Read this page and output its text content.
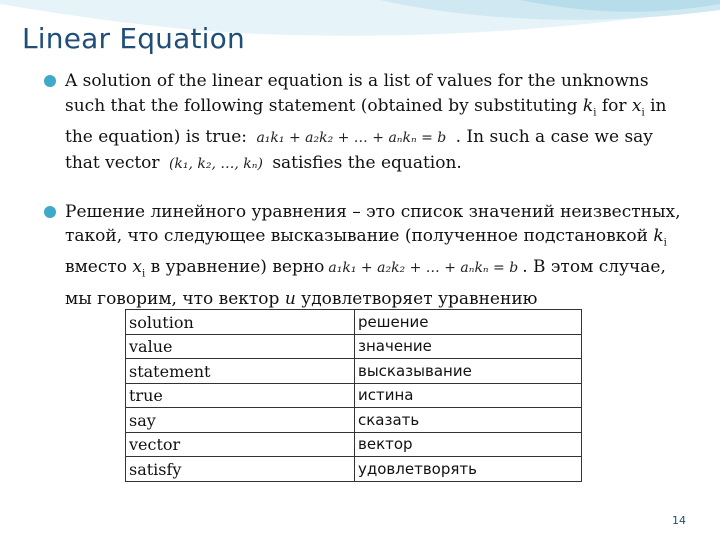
Linear Equation

A solution of the linear equation is a list of values for the unknowns such that the following statement (obtained by substituting $k_i$ for $x_i$ in the equation) is true: a₁k₁ + a₂k₂ + … + aₙkₙ = b . In such a case we say that vector (k₁, k₂, …, kₙ) satisfies the equation.

Решение линейного уравнения – это список значений неизвестных, такой, что следующее высказывание (полученное подстановкой $k_i$ вместо $x_i$ в уравнение) верно a₁k₁ + a₂k₂ + … + aₙkₙ = b . В этом случае, мы говорим, что вектор u удовлетворяет уравнению

solution	решение
value	значение
statement	высказывание
true	истина
say	сказать
vector	вектор
satisfy	удовлетворять
14
